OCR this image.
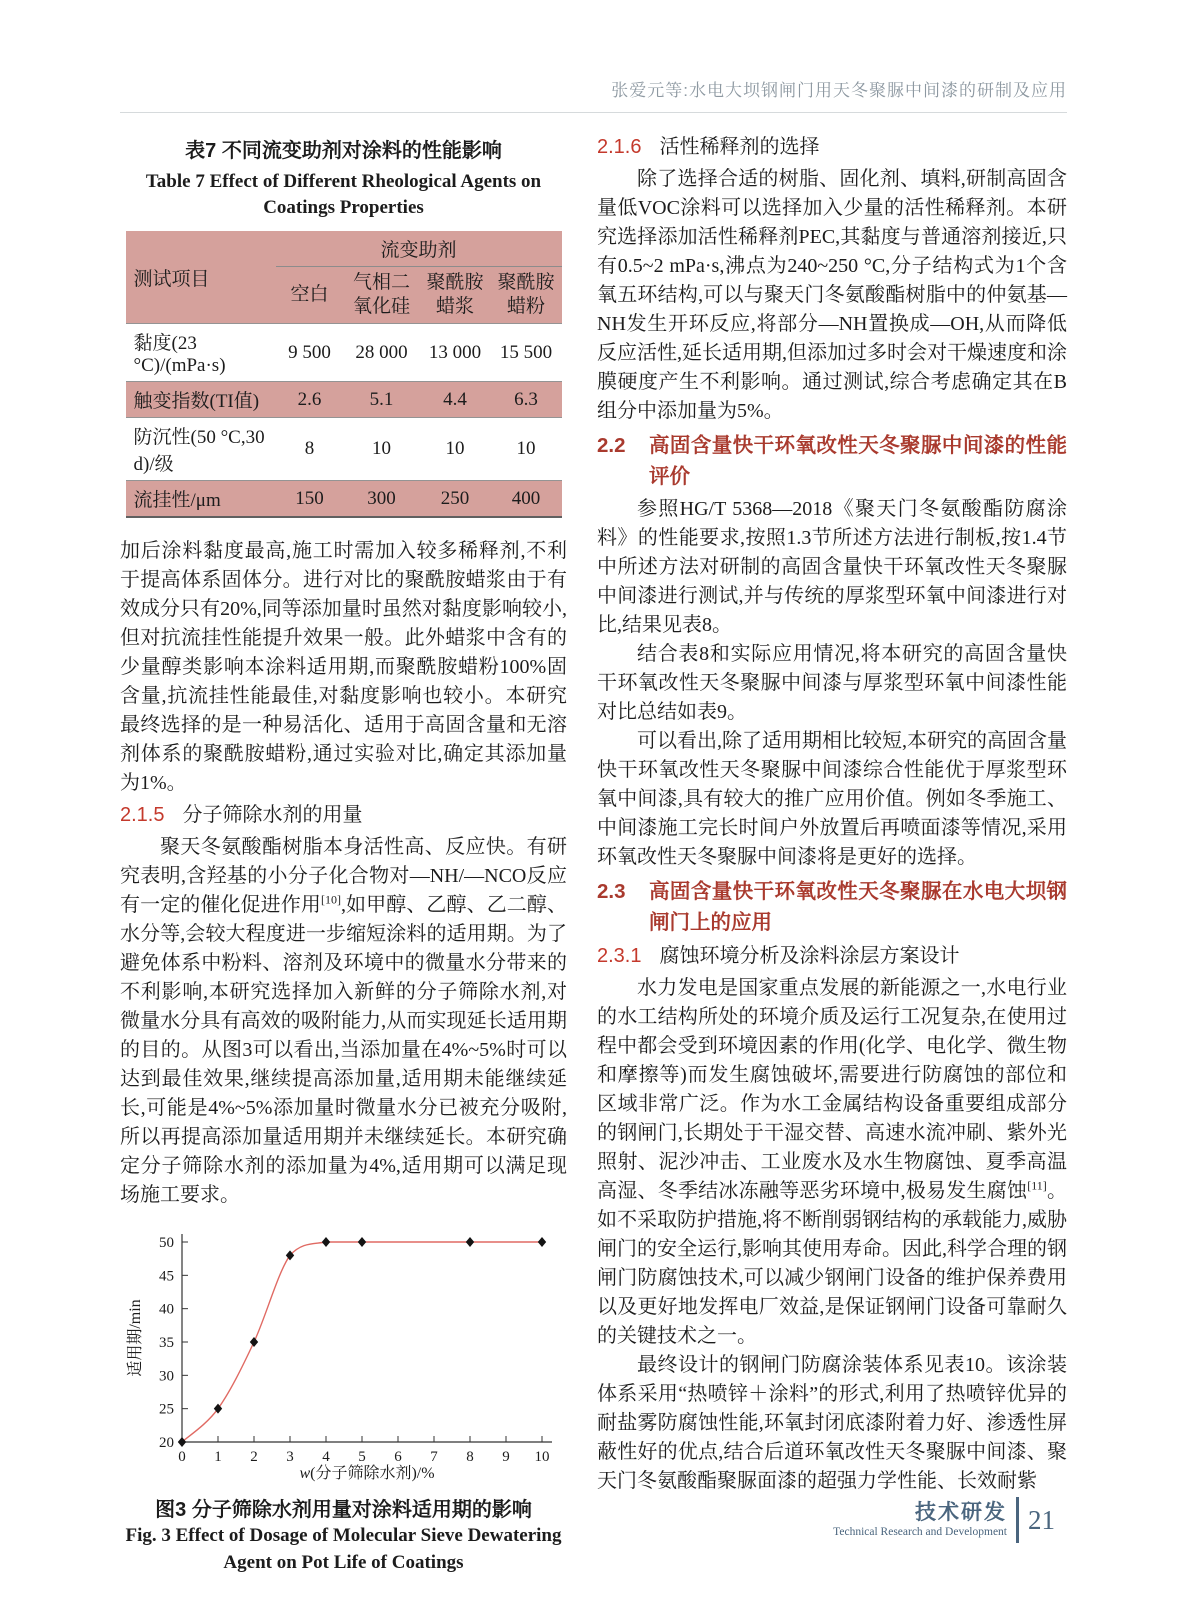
张爱元等:水电大坝钢闸门用天冬聚脲中间漆的研制及应用
表7 不同流变助剂对涂料的性能影响
Table 7 Effect of Different Rheological Agents on
Coatings Properties
测试项目	流变助剂			
	空白	气相二氧化硅	聚酰胺蜡浆	聚酰胺蜡粉
黏度(23 °C)/(mPa·s)	9 500	28 000	13 000	15 500
触变指数(TI值)	2.6	5.1	4.4	6.3
防沉性(50 °C,30 d)/级	8	10	10	10
流挂性/μm	150	300	250	400

加后涂料黏度最高,施工时需加入较多稀释剂,不利于提高体系固体分。进行对比的聚酰胺蜡浆由于有效成分只有20%,同等添加量时虽然对黏度影响较小,但对抗流挂性能提升效果一般。此外蜡浆中含有的少量醇类影响本涂料适用期,而聚酰胺蜡粉100%固含量,抗流挂性能最佳,对黏度影响也较小。本研究最终选择的是一种易活化、适用于高固含量和无溶剂体系的聚酰胺蜡粉,通过实验对比,确定其添加量为1%。

2.1.5 分子筛除水剂的用量

聚天冬氨酸酯树脂本身活性高、反应快。有研究表明,含羟基的小分子化合物对—NH/—NCO反应有一定的催化促进作用[10],如甲醇、乙醇、乙二醇、水分等,会较大程度进一步缩短涂料的适用期。为了避免体系中粉料、溶剂及环境中的微量水分带来的不利影响,本研究选择加入新鲜的分子筛除水剂,对微量水分具有高效的吸附能力,从而实现延长适用期的目的。从图3可以看出,当添加量在4%~5%时可以达到最佳效果,继续提高添加量,适用期未能继续延长,可能是4%~5%添加量时微量水分已被充分吸附,所以再提高添加量适用期并未继续延长。本研究确定分子筛除水剂的添加量为4%,适用期可以满足现场施工要求。

0 1 2 3 4 5 6 7 8 9 10
20
25
30
35
40
45
50
w(分子筛除水剂)/%
适用期/min
图3 分子筛除水剂用量对涂料适用期的影响
Fig. 3 Effect of Dosage of Molecular Sieve Dewatering
Agent on Pot Life of Coatings
2.1.6 活性稀释剂的选择

除了选择合适的树脂、固化剂、填料,研制高固含量低VOC涂料可以选择加入少量的活性稀释剂。本研究选择添加活性稀释剂PEC,其黏度与普通溶剂接近,只有0.5~2 mPa·s,沸点为240~250 °C,分子结构式为1个含氧五环结构,可以与聚天门冬氨酸酯树脂中的仲氨基—NH发生开环反应,将部分—NH置换成—OH,从而降低反应活性,延长适用期,但添加过多时会对干燥速度和涂膜硬度产生不利影响。通过测试,综合考虑确定其在B组分中添加量为5%。

2.2	高固含量快干环氧改性天冬聚脲中间漆的性能评价

参照HG/T 5368—2018《聚天门冬氨酸酯防腐涂料》的性能要求,按照1.3节所述方法进行制板,按1.4节中所述方法对研制的高固含量快干环氧改性天冬聚脲中间漆进行测试,并与传统的厚浆型环氧中间漆进行对比,结果见表8。

结合表8和实际应用情况,将本研究的高固含量快干环氧改性天冬聚脲中间漆与厚浆型环氧中间漆性能对比总结如表9。

可以看出,除了适用期相比较短,本研究的高固含量快干环氧改性天冬聚脲中间漆综合性能优于厚浆型环氧中间漆,具有较大的推广应用价值。例如冬季施工、中间漆施工完长时间户外放置后再喷面漆等情况,采用环氧改性天冬聚脲中间漆将是更好的选择。

2.3	高固含量快干环氧改性天冬聚脲在水电大坝钢闸门上的应用
2.3.1 腐蚀环境分析及涂料涂层方案设计

水力发电是国家重点发展的新能源之一,水电行业的水工结构所处的环境介质及运行工况复杂,在使用过程中都会受到环境因素的作用(化学、电化学、微生物和摩擦等)而发生腐蚀破坏,需要进行防腐蚀的部位和区域非常广泛。作为水工金属结构设备重要组成部分的钢闸门,长期处于干湿交替、高速水流冲刷、紫外光照射、泥沙冲击、工业废水及水生物腐蚀、夏季高温高湿、冬季结冰冻融等恶劣环境中,极易发生腐蚀[11]。如不采取防护措施,将不断削弱钢结构的承载能力,威胁闸门的安全运行,影响其使用寿命。因此,科学合理的钢闸门防腐蚀技术,可以减少钢闸门设备的维护保养费用以及更好地发挥电厂效益,是保证钢闸门设备可靠耐久的关键技术之一。

最终设计的钢闸门防腐涂装体系见表10。该涂装体系采用“热喷锌＋涂料”的形式,利用了热喷锌优异的耐盐雾防腐蚀性能,环氧封闭底漆附着力好、渗透性屏蔽性好的优点,结合后道环氧改性天冬聚脲中间漆、聚天门冬氨酸酯聚脲面漆的超强力学性能、长效耐紫

技术研发
Technical Research and Development 21
